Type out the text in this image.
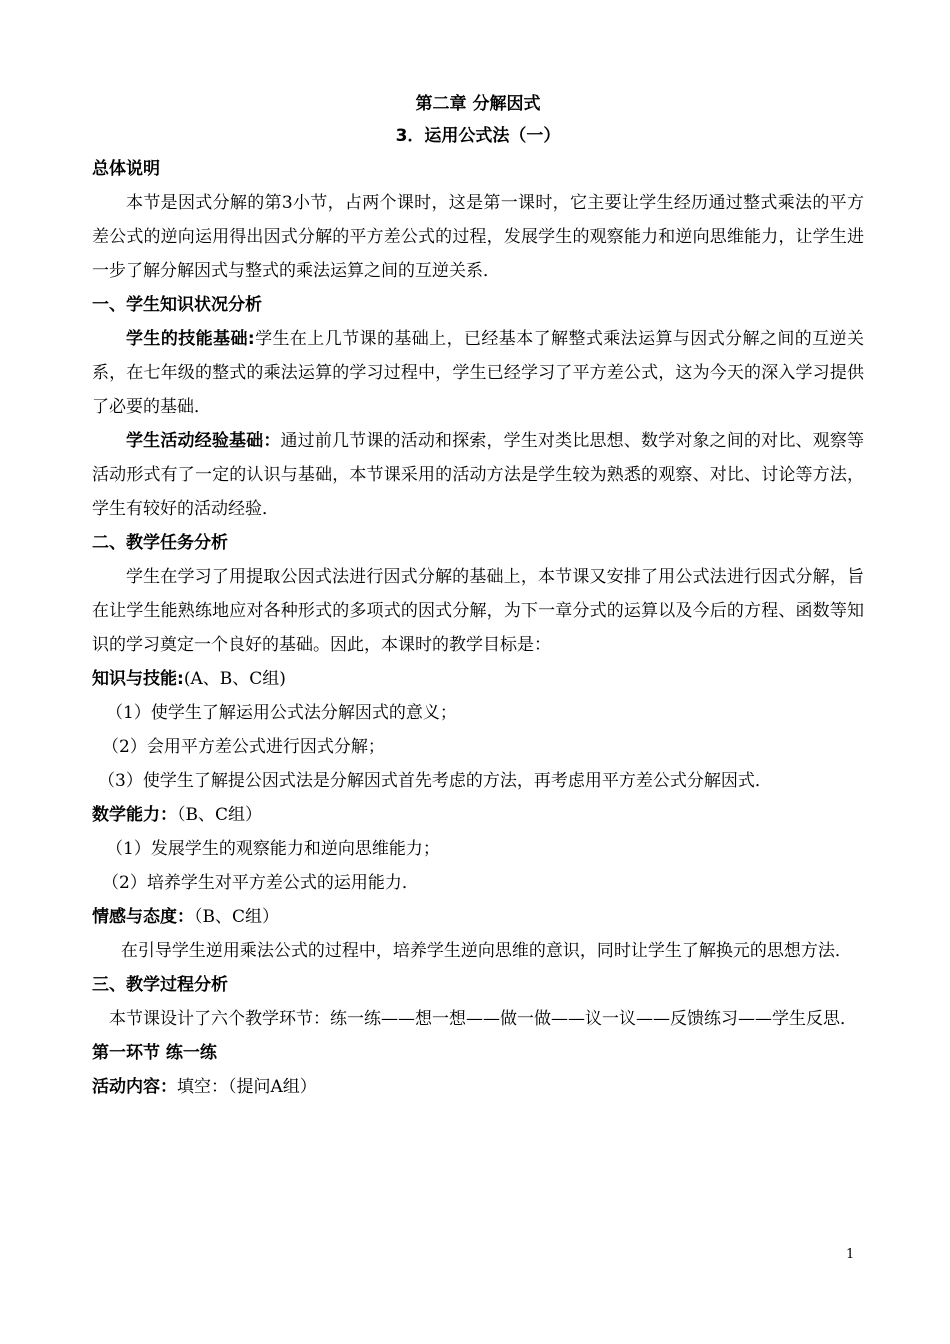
第二章 分解因式
3．运用公式法（一）
总体说明
本节是因式分解的第3小节，占两个课时，这是第一课时，它主要让学生经历通过整式乘法的平方差公式的逆向运用得出因式分解的平方差公式的过程，发展学生的观察能力和逆向思维能力，让学生进一步了解分解因式与整式的乘法运算之间的互逆关系．
一、学生知识状况分析
学生的技能基础:学生在上几节课的基础上，已经基本了解整式乘法运算与因式分解之间的互逆关系，在七年级的整式的乘法运算的学习过程中，学生已经学习了平方差公式，这为今天的深入学习提供了必要的基础．
学生活动经验基础：通过前几节课的活动和探索，学生对类比思想、数学对象之间的对比、观察等活动形式有了一定的认识与基础，本节课采用的活动方法是学生较为熟悉的观察、对比、讨论等方法，学生有较好的活动经验．
二、教学任务分析
学生在学习了用提取公因式法进行因式分解的基础上，本节课又安排了用公式法进行因式分解，旨在让学生能熟练地应对各种形式的多项式的因式分解，为下一章分式的运算以及今后的方程、函数等知识的学习奠定一个良好的基础。因此，本课时的教学目标是：
知识与技能:(A、B、C组)
（1）使学生了解运用公式法分解因式的意义；
（2）会用平方差公式进行因式分解；
（3）使学生了解提公因式法是分解因式首先考虑的方法，再考虑用平方差公式分解因式．
数学能力：（B、C组）
（1）发展学生的观察能力和逆向思维能力；
（2）培养学生对平方差公式的运用能力．
情感与态度：（B、C组）
在引导学生逆用乘法公式的过程中，培养学生逆向思维的意识，同时让学生了解换元的思想方法．
三、教学过程分析
本节课设计了六个教学环节：练一练——想一想——做一做——议一议——反馈练习——学生反思．
第一环节 练一练
活动内容：填空：（提问A组）
1
